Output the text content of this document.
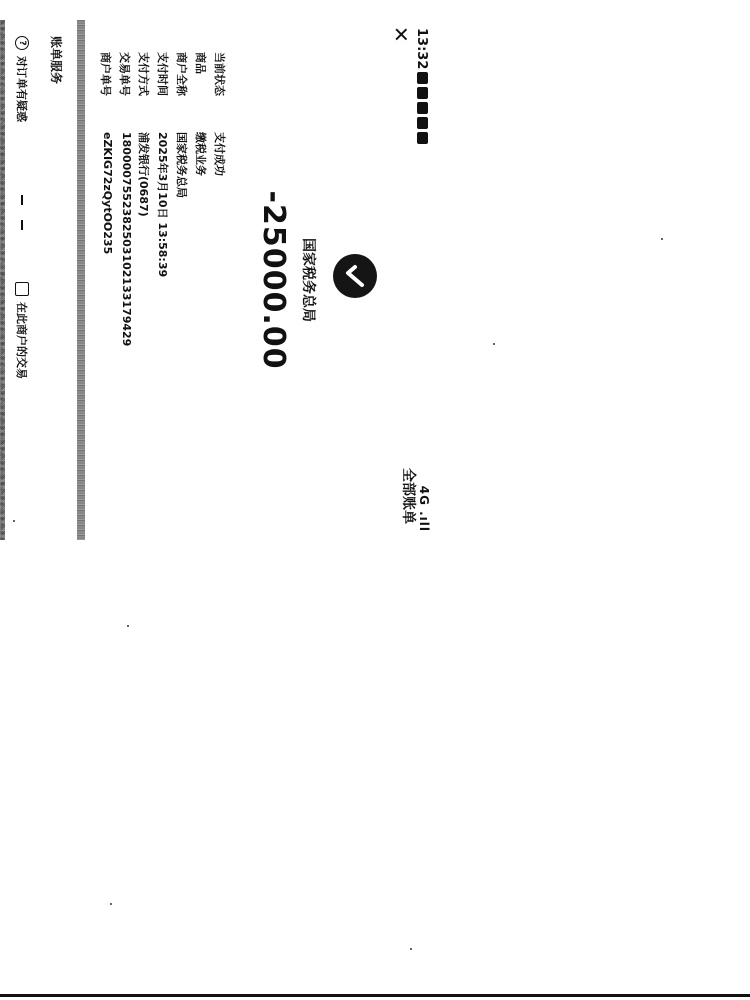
13:32
4G .ıll
✕
全部账单
国家税务总局
-25000.00
当前状态
支付成功
商品
缴税业务
商户全称
国家税务总局
支付时间
2025年3月10日 13:58:39
支付方式
浦发银行(0687)
交易单号
18000075523825031021331794​29
商户单号
eZKIG72zQytOO235
账单服务
?
对订单有疑惑
在此商户的交易
